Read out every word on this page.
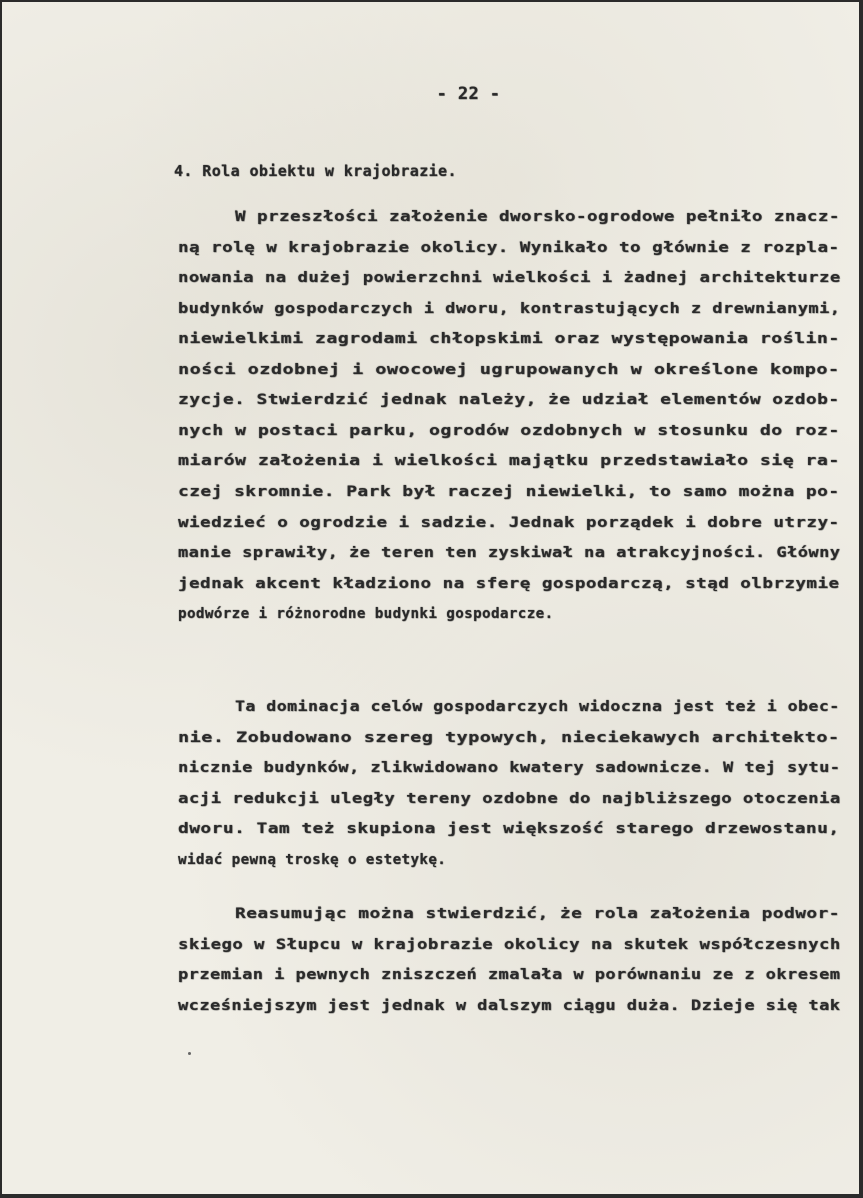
- 22 -
4. Rola obiektu w krajobrazie.
W przeszłości założenie dworsko-ogrodowe pełniło znacz-
ną rolę w krajobrazie okolicy. Wynikało to głównie z rozpla-
nowania na dużej powierzchni wielkości i żadnej architekturze
budynków gospodarczych i dworu, kontrastujących z drewnianymi,
niewielkimi zagrodami chłopskimi oraz występowania roślin-
ności ozdobnej i owocowej ugrupowanych w określone kompo-
zycje. Stwierdzić jednak należy, że udział elementów ozdob-
nych w postaci parku, ogrodów ozdobnych w stosunku do roz-
miarów założenia i wielkości majątku przedstawiało się ra-
czej skromnie. Park był raczej niewielki, to samo można po-
wiedzieć o ogrodzie i sadzie. Jednak porządek i dobre utrzy-
manie sprawiły, że teren ten zyskiwał na atrakcyjności. Główny
jednak akcent kładziono na sferę gospodarczą, stąd olbrzymie
podwórze i różnorodne budynki gospodarcze.
Ta dominacja celów gospodarczych widoczna jest też i obec-
nie. Zobudowano szereg typowych, nieciekawych architekto-
nicznie budynków, zlikwidowano kwatery sadownicze. W tej sytu-
acji redukcji uległy tereny ozdobne do najbliższego otoczenia
dworu. Tam też skupiona jest większość starego drzewostanu,
widać pewną troskę o estetykę.
Reasumując można stwierdzić, że rola założenia podwor-
skiego w Słupcu w krajobrazie okolicy na skutek współczesnych
przemian i pewnych zniszczeń zmalała w porównaniu ze z okresem
wcześniejszym jest jednak w dalszym ciągu duża. Dzieje się tak
